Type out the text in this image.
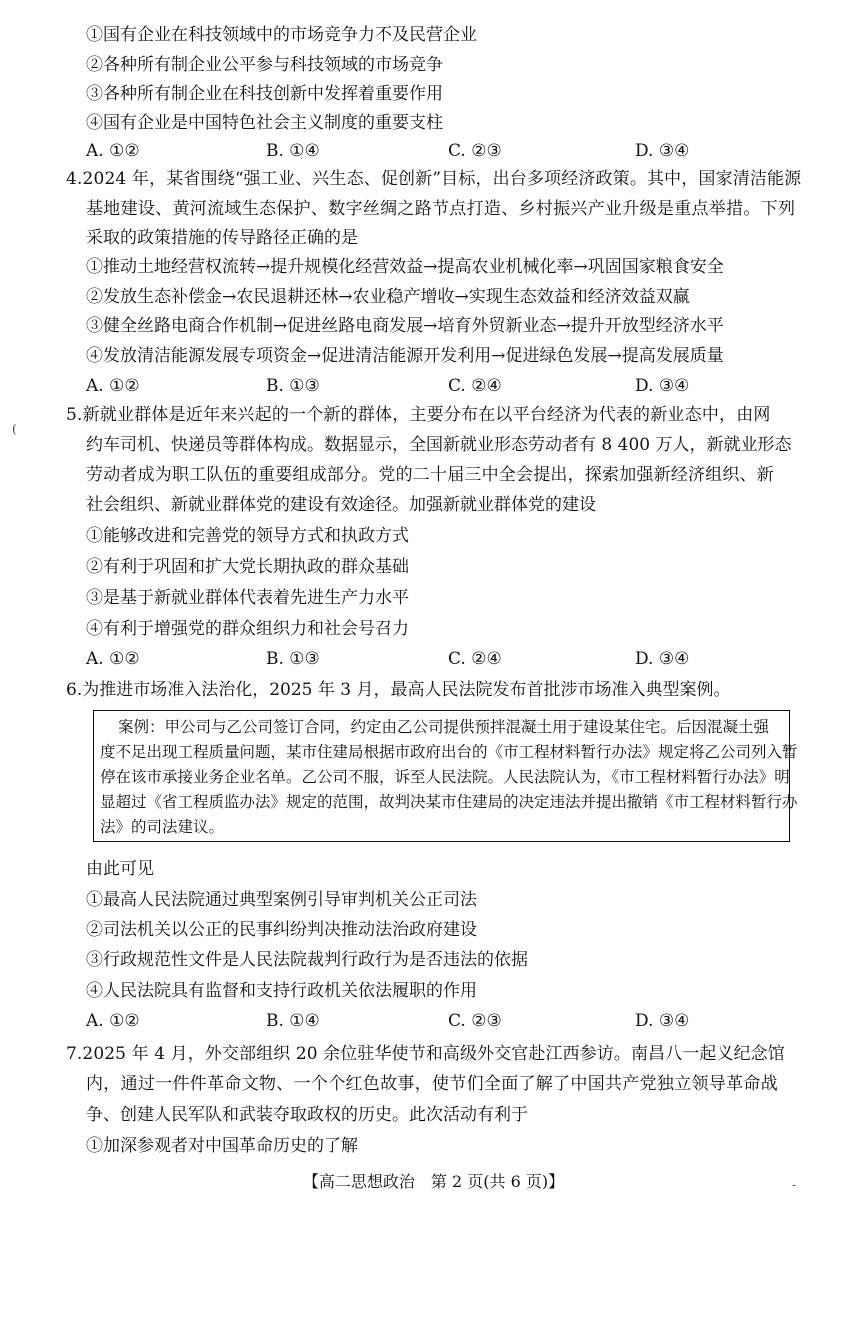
①国有企业在科技领域中的市场竞争力不及民营企业
②各种所有制企业公平参与科技领域的市场竞争
③各种所有制企业在科技创新中发挥着重要作用
④国有企业是中国特色社会主义制度的重要支柱
A. ①②	B. ①④	C. ②③	D. ③④
4.2024 年，某省围绕“强工业、兴生态、促创新”目标，出台多项经济政策。其中，国家清洁能源
基地建设、黄河流域生态保护、数字丝绸之路节点打造、乡村振兴产业升级是重点举措。下列
采取的政策措施的传导路径正确的是
①推动土地经营权流转→提升规模化经营效益→提高农业机械化率→巩固国家粮食安全
②发放生态补偿金→农民退耕还林→农业稳产增收→实现生态效益和经济效益双赢
③健全丝路电商合作机制→促进丝路电商发展→培育外贸新业态→提升开放型经济水平
④发放清洁能源发展专项资金→促进清洁能源开发利用→促进绿色发展→提高发展质量
A. ①②	B. ①③	C. ②④	D. ③④
5.新就业群体是近年来兴起的一个新的群体，主要分布在以平台经济为代表的新业态中，由网
约车司机、快递员等群体构成。数据显示，全国新就业形态劳动者有 8 400 万人，新就业形态
劳动者成为职工队伍的重要组成部分。党的二十届三中全会提出，探索加强新经济组织、新
社会组织、新就业群体党的建设有效途径。加强新就业群体党的建设
①能够改进和完善党的领导方式和执政方式
②有利于巩固和扩大党长期执政的群众基础
③是基于新就业群体代表着先进生产力水平
④有利于增强党的群众组织力和社会号召力
A. ①②	B. ①③	C. ②④	D. ③④
6.为推进市场准入法治化，2025 年 3 月，最高人民法院发布首批涉市场准入典型案例。
案例：甲公司与乙公司签订合同，约定由乙公司提供预拌混凝土用于建设某住宅。后因混凝土强
度不足出现工程质量问题，某市住建局根据市政府出台的《市工程材料暂行办法》规定将乙公司列入暂
停在该市承接业务企业名单。乙公司不服，诉至人民法院。人民法院认为，《市工程材料暂行办法》明
显超过《省工程质监办法》规定的范围，故判决某市住建局的决定违法并提出撤销《市工程材料暂行办
法》的司法建议。
由此可见
①最高人民法院通过典型案例引导审判机关公正司法
②司法机关以公正的民事纠纷判决推动法治政府建设
③行政规范性文件是人民法院裁判行政行为是否违法的依据
④人民法院具有监督和支持行政机关依法履职的作用
A. ①②	B. ①④	C. ②③	D. ③④
7.2025 年 4 月，外交部组织 20 余位驻华使节和高级外交官赴江西参访。南昌八一起义纪念馆
内，通过一件件革命文物、一个个红色故事，使节们全面了解了中国共产党独立领导革命战
争、创建人民军队和武装夺取政权的历史。此次活动有利于
①加深参观者对中国革命历史的了解
【高二思想政治　第 2 页(共 6 页)】
(
-
